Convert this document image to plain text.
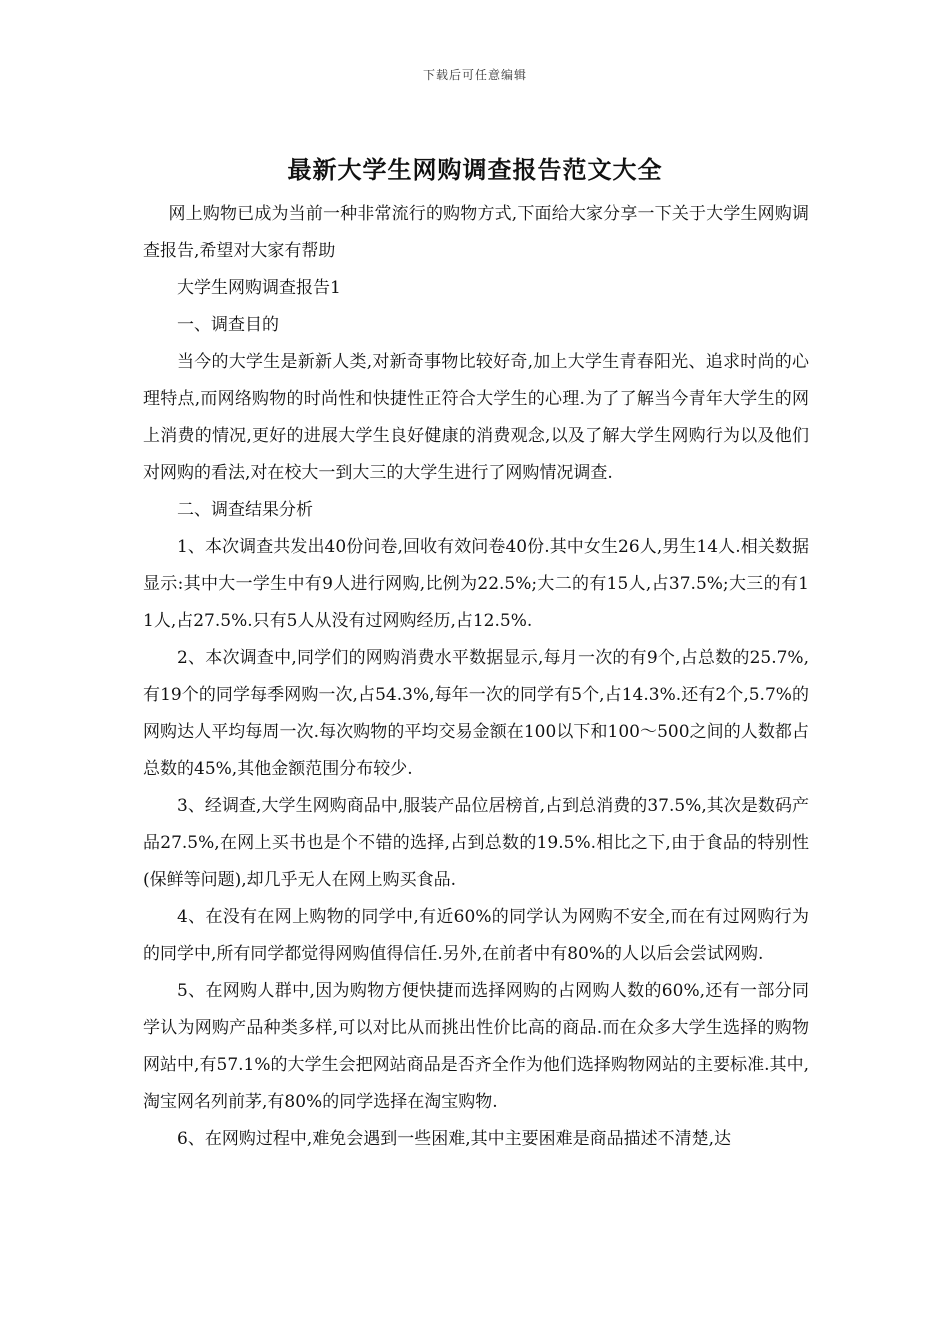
下载后可任意编辑
最新大学生网购调查报告范文大全

网上购物已成为当前一种非常流行的购物方式,下面给大家分享一下关于大学生网购调查报告,希望对大家有帮助

大学生网购调查报告1

一、调查目的

当今的大学生是新新人类,对新奇事物比较好奇,加上大学生青春阳光、追求时尚的心理特点,而网络购物的时尚性和快捷性正符合大学生的心理.为了了解当今青年大学生的网上消费的情况,更好的进展大学生良好健康的消费观念,以及了解大学生网购行为以及他们对网购的看法,对在校大一到大三的大学生进行了网购情况调查.

二、调查结果分析

1、本次调查共发出40份问卷,回收有效问卷40份.其中女生26人,男生14人.相关数据显示:其中大一学生中有9人进行网购,比例为22.5%;大二的有15人,占37.5%;大三的有11人,占27.5%.只有5人从没有过网购经历,占12.5%.

2、本次调查中,同学们的网购消费水平数据显示,每月一次的有9个,占总数的25.7%,有19个的同学每季网购一次,占54.3%,每年一次的同学有5个,占14.3%.还有2个,5.7%的网购达人平均每周一次.每次购物的平均交易金额在100以下和100～500之间的人数都占总数的45%,其他金额范围分布较少.

3、经调查,大学生网购商品中,服装产品位居榜首,占到总消费的37.5%,其次是数码产品27.5%,在网上买书也是个不错的选择,占到总数的19.5%.相比之下,由于食品的特别性(保鲜等问题),却几乎无人在网上购买食品.

4、在没有在网上购物的同学中,有近60%的同学认为网购不安全,而在有过网购行为的同学中,所有同学都觉得网购值得信任.另外,在前者中有80%的人以后会尝试网购.

5、在网购人群中,因为购物方便快捷而选择网购的占网购人数的60%,还有一部分同学认为网购产品种类多样,可以对比从而挑出性价比高的商品.而在众多大学生选择的购物网站中,有57.1%的大学生会把网站商品是否齐全作为他们选择购物网站的主要标准.其中,淘宝网名列前茅,有80%的同学选择在淘宝购物.

6、在网购过程中,难免会遇到一些困难,其中主要困难是商品描述不清楚,达
